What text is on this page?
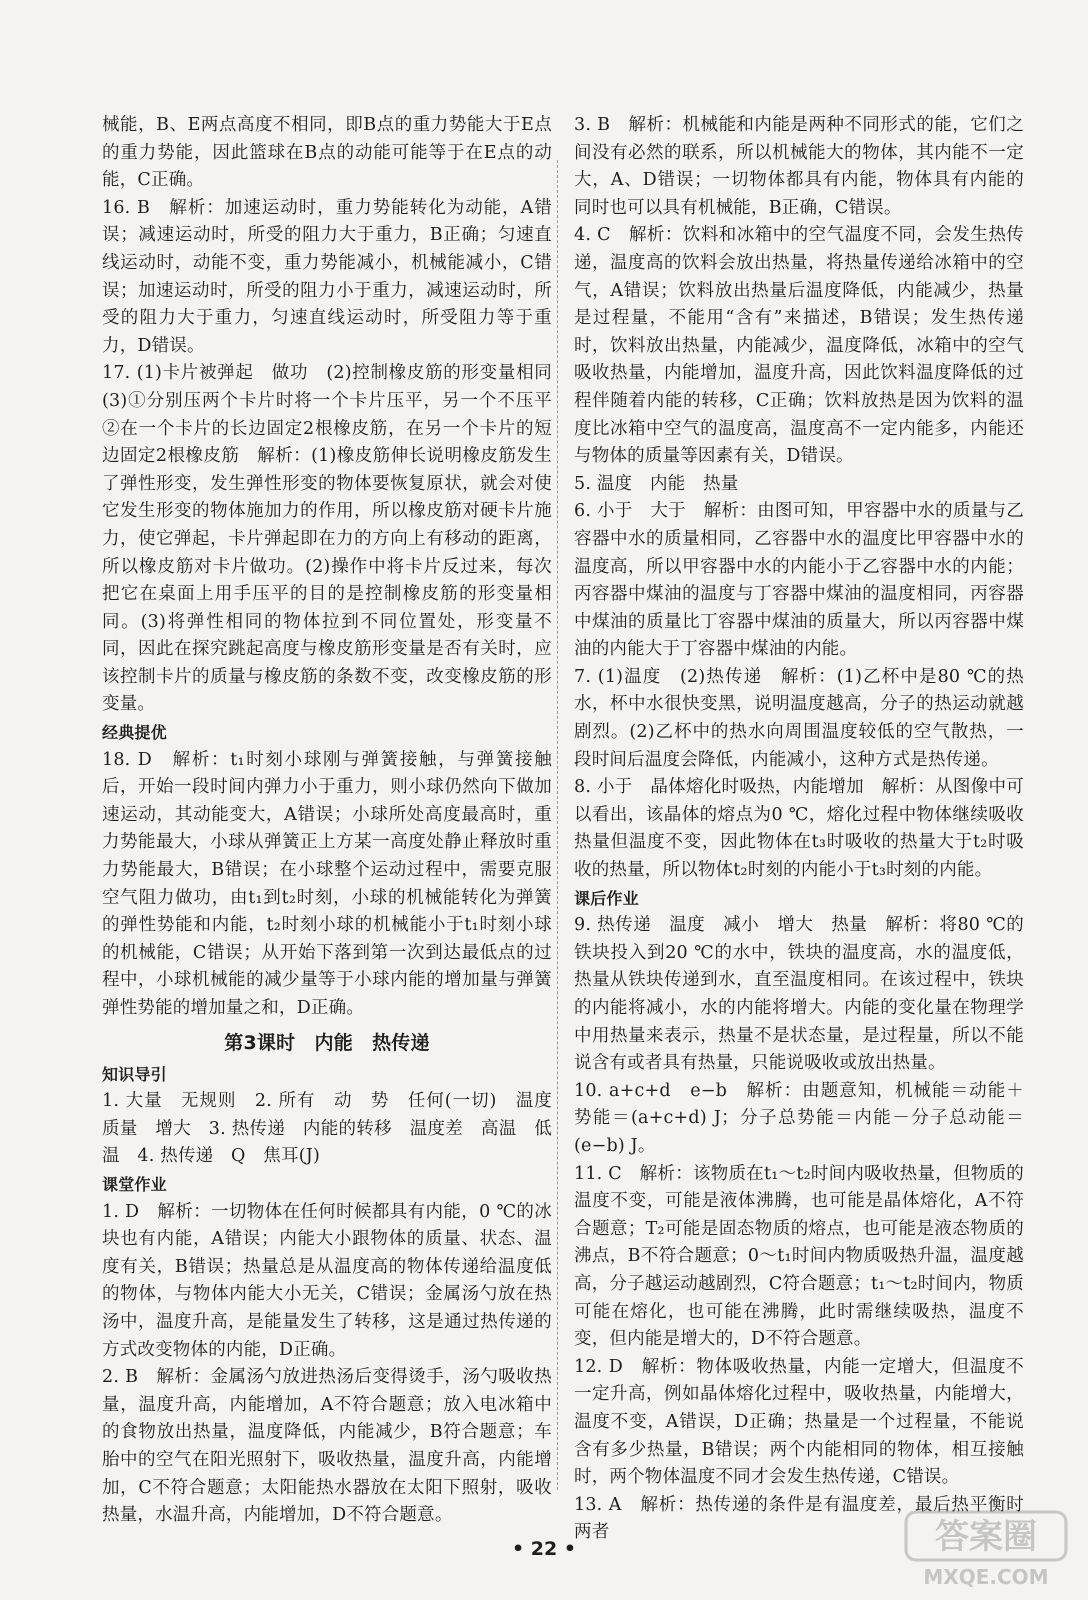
械能，B、E两点高度不相同，即B点的重力势能大于E点的重力势能，因此篮球在B点的动能可能等于在E点的动能，C正确。

16. B　解析：加速运动时，重力势能转化为动能，A错误；减速运动时，所受的阻力大于重力，B正确；匀速直线运动时，动能不变，重力势能减小，机械能减小，C错误；加速运动时，所受的阻力小于重力，减速运动时，所受的阻力大于重力，匀速直线运动时，所受阻力等于重力，D错误。

17. (1)卡片被弹起　做功　(2)控制橡皮筋的形变量相同　(3)①分别压两个卡片时将一个卡片压平，另一个不压平　②在一个卡片的长边固定2根橡皮筋，在另一个卡片的短边固定2根橡皮筋　解析：(1)橡皮筋伸长说明橡皮筋发生了弹性形变，发生弹性形变的物体要恢复原状，就会对使它发生形变的物体施加力的作用，所以橡皮筋对硬卡片施力，使它弹起，卡片弹起即在力的方向上有移动的距离，所以橡皮筋对卡片做功。(2)操作中将卡片反过来，每次把它在桌面上用手压平的目的是控制橡皮筋的形变量相同。(3)将弹性相同的物体拉到不同位置处，形变量不同，因此在探究跳起高度与橡皮筋形变量是否有关时，应该控制卡片的质量与橡皮筋的条数不变，改变橡皮筋的形变量。

经典提优

18. D　解析：t₁时刻小球刚与弹簧接触，与弹簧接触后，开始一段时间内弹力小于重力，则小球仍然向下做加速运动，其动能变大，A错误；小球所处高度最高时，重力势能最大，小球从弹簧正上方某一高度处静止释放时重力势能最大，B错误；在小球整个运动过程中，需要克服空气阻力做功，由t₁到t₂时刻，小球的机械能转化为弹簧的弹性势能和内能，t₂时刻小球的机械能小于t₁时刻小球的机械能，C错误；从开始下落到第一次到达最低点的过程中，小球机械能的减少量等于小球内能的增加量与弹簧弹性势能的增加量之和，D正确。

第3课时　内能　热传递

知识导引

1. 大量　无规则　2. 所有　动　势　任何(一切)　温度　质量　增大　3. 热传递　内能的转移　温度差　高温　低温　4. 热传递　Q　焦耳(J)

课堂作业

1. D　解析：一切物体在任何时候都具有内能，0 ℃的冰块也有内能，A错误；内能大小跟物体的质量、状态、温度有关，B错误；热量总是从温度高的物体传递给温度低的物体，与物体内能大小无关，C错误；金属汤勺放在热汤中，温度升高，是能量发生了转移，这是通过热传递的方式改变物体的内能，D正确。

2. B　解析：金属汤勺放进热汤后变得烫手，汤勺吸收热量，温度升高，内能增加，A不符合题意；放入电冰箱中的食物放出热量，温度降低，内能减少，B符合题意；车胎中的空气在阳光照射下，吸收热量，温度升高，内能增加，C不符合题意；太阳能热水器放在太阳下照射，吸收热量，水温升高，内能增加，D不符合题意。

3. B　解析：机械能和内能是两种不同形式的能，它们之间没有必然的联系，所以机械能大的物体，其内能不一定大，A、D错误；一切物体都具有内能，物体具有内能的同时也可以具有机械能，B正确，C错误。

4. C　解析：饮料和冰箱中的空气温度不同，会发生热传递，温度高的饮料会放出热量，将热量传递给冰箱中的空气，A错误；饮料放出热量后温度降低，内能减少，热量是过程量，不能用“含有”来描述，B错误；发生热传递时，饮料放出热量，内能减少，温度降低，冰箱中的空气吸收热量，内能增加，温度升高，因此饮料温度降低的过程伴随着内能的转移，C正确；饮料放热是因为饮料的温度比冰箱中空气的温度高，温度高不一定内能多，内能还与物体的质量等因素有关，D错误。

5. 温度　内能　热量

6. 小于　大于　解析：由图可知，甲容器中水的质量与乙容器中水的质量相同，乙容器中水的温度比甲容器中水的温度高，所以甲容器中水的内能小于乙容器中水的内能；丙容器中煤油的温度与丁容器中煤油的温度相同，丙容器中煤油的质量比丁容器中煤油的质量大，所以丙容器中煤油的内能大于丁容器中煤油的内能。

7. (1)温度　(2)热传递　解析：(1)乙杯中是80 ℃的热水，杯中水很快变黑，说明温度越高，分子的热运动就越剧烈。(2)乙杯中的热水向周围温度较低的空气散热，一段时间后温度会降低，内能减小，这种方式是热传递。

8. 小于　晶体熔化时吸热，内能增加　解析：从图像中可以看出，该晶体的熔点为0 ℃，熔化过程中物体继续吸收热量但温度不变，因此物体在t₃时吸收的热量大于t₂时吸收的热量，所以物体t₂时刻的内能小于t₃时刻的内能。

课后作业

9. 热传递　温度　减小　增大　热量　解析：将80 ℃的铁块投入到20 ℃的水中，铁块的温度高，水的温度低，热量从铁块传递到水，直至温度相同。在该过程中，铁块的内能将减小，水的内能将增大。内能的变化量在物理学中用热量来表示，热量不是状态量，是过程量，所以不能说含有或者具有热量，只能说吸收或放出热量。

10. a+c+d　e−b　解析：由题意知，机械能＝动能＋势能＝(a+c+d) J；分子总势能＝内能－分子总动能＝(e−b) J。

11. C　解析：该物质在t₁～t₂时间内吸收热量，但物质的温度不变，可能是液体沸腾，也可能是晶体熔化，A不符合题意；T₂可能是固态物质的熔点，也可能是液态物质的沸点，B不符合题意；0～t₁时间内物质吸热升温，温度越高，分子越运动越剧烈，C符合题意；t₁～t₂时间内，物质可能在熔化，也可能在沸腾，此时需继续吸热，温度不变，但内能是增大的，D不符合题意。

12. D　解析：物体吸收热量，内能一定增大，但温度不一定升高，例如晶体熔化过程中，吸收热量，内能增大，温度不变，A错误，D正确；热量是一个过程量，不能说含有多少热量，B错误；两个内能相同的物体，相互接触时，两个物体温度不同才会发生热传递，C错误。

13. A　解析：热传递的条件是有温度差，最后热平衡时两者

• 22 •	答案圈
MXQE.COM
